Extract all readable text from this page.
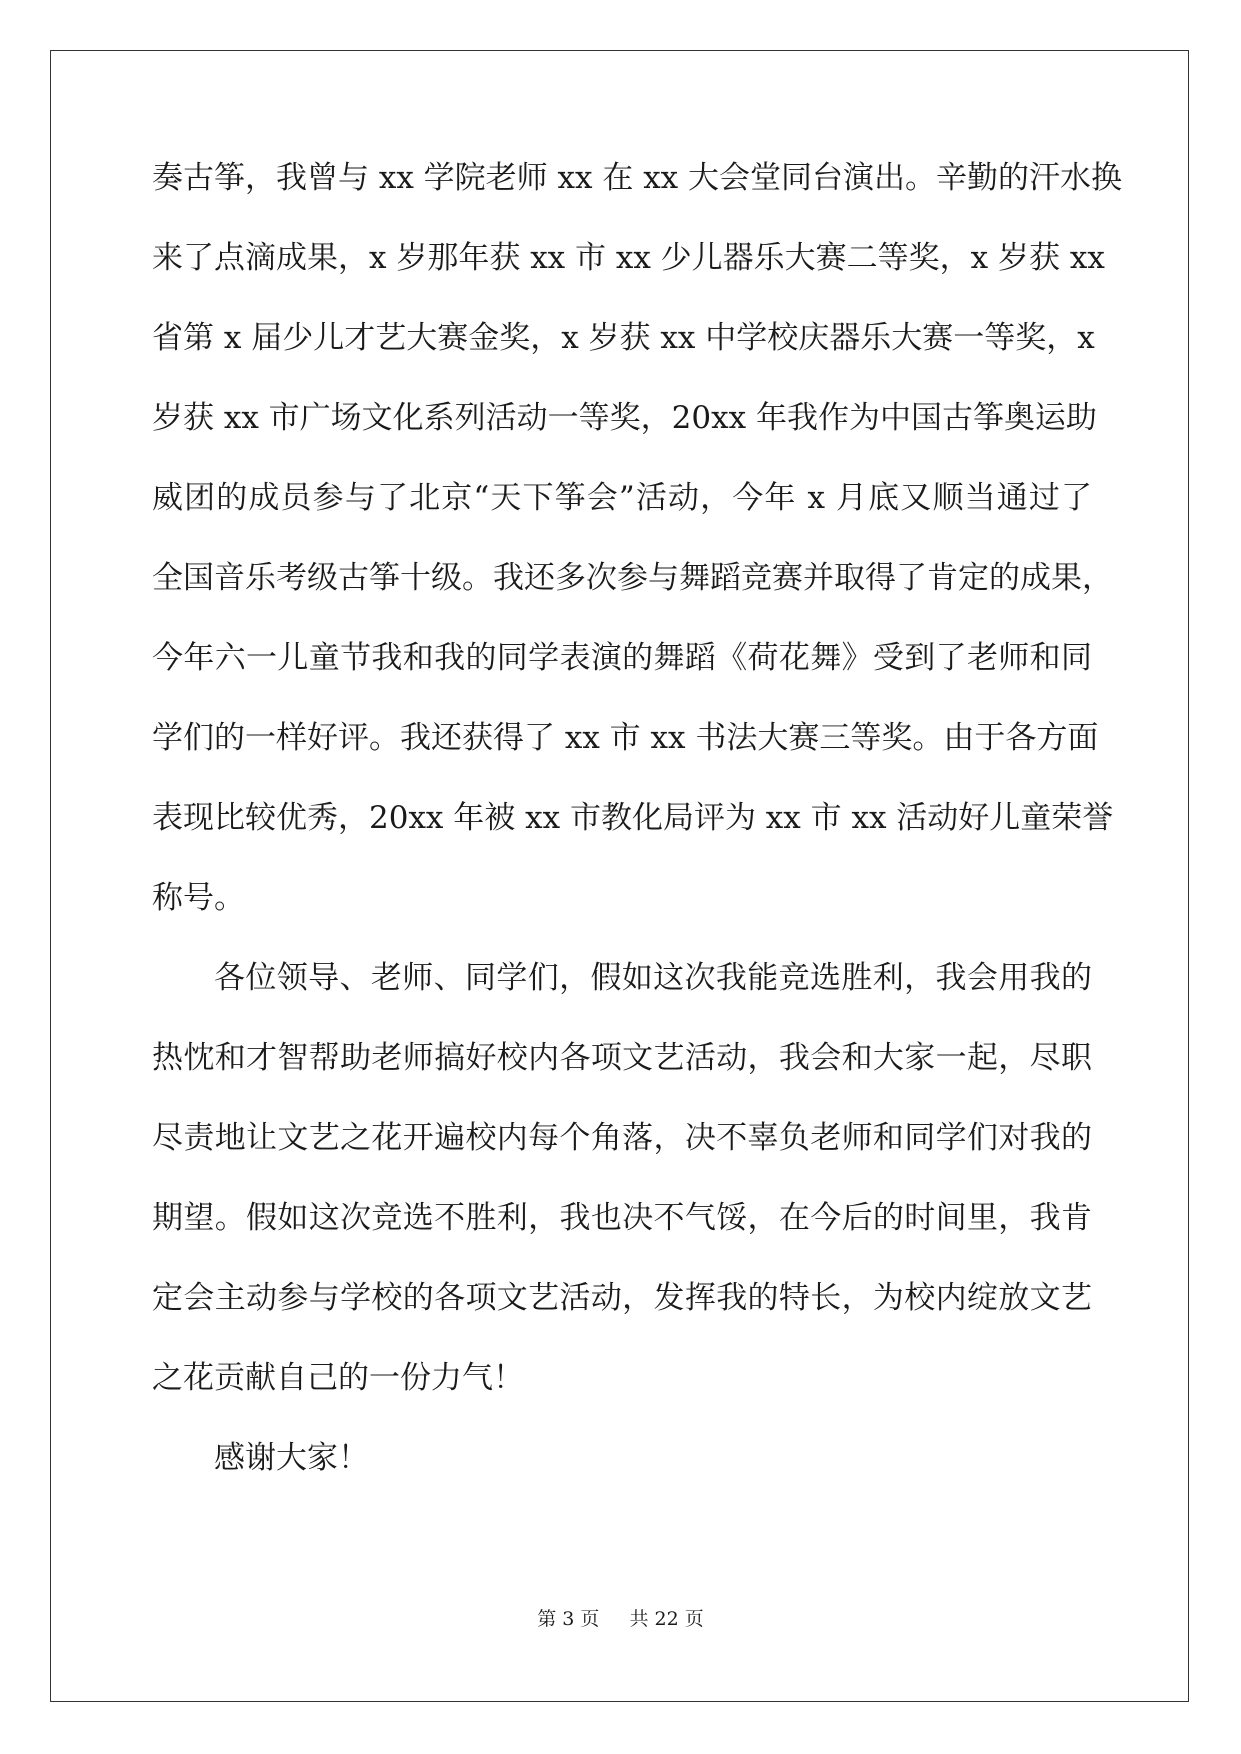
奏古筝，我曾与 xx 学院老师 xx 在 xx 大会堂同台演出。辛勤的汗水换
来了点滴成果，x 岁那年获 xx 市 xx 少儿器乐大赛二等奖，x 岁获 xx
省第 x 届少儿才艺大赛金奖，x 岁获 xx 中学校庆器乐大赛一等奖，x
岁获 xx 市广场文化系列活动一等奖，20xx 年我作为中国古筝奥运助
威团的成员参与了北京“天下筝会”活动，今年 x 月底又顺当通过了
全国音乐考级古筝十级。我还多次参与舞蹈竞赛并取得了肯定的成果，
今年六一儿童节我和我的同学表演的舞蹈《荷花舞》受到了老师和同
学们的一样好评。我还获得了 xx 市 xx 书法大赛三等奖。由于各方面
表现比较优秀，20xx 年被 xx 市教化局评为 xx 市 xx 活动好儿童荣誉
称号。
各位领导、老师、同学们，假如这次我能竞选胜利，我会用我的
热忱和才智帮助老师搞好校内各项文艺活动，我会和大家一起，尽职
尽责地让文艺之花开遍校内每个角落，决不辜负老师和同学们对我的
期望。假如这次竞选不胜利，我也决不气馁，在今后的时间里，我肯
定会主动参与学校的各项文艺活动，发挥我的特长，为校内绽放文艺
之花贡献自己的一份力气！
感谢大家！
第 3 页 共 22 页
